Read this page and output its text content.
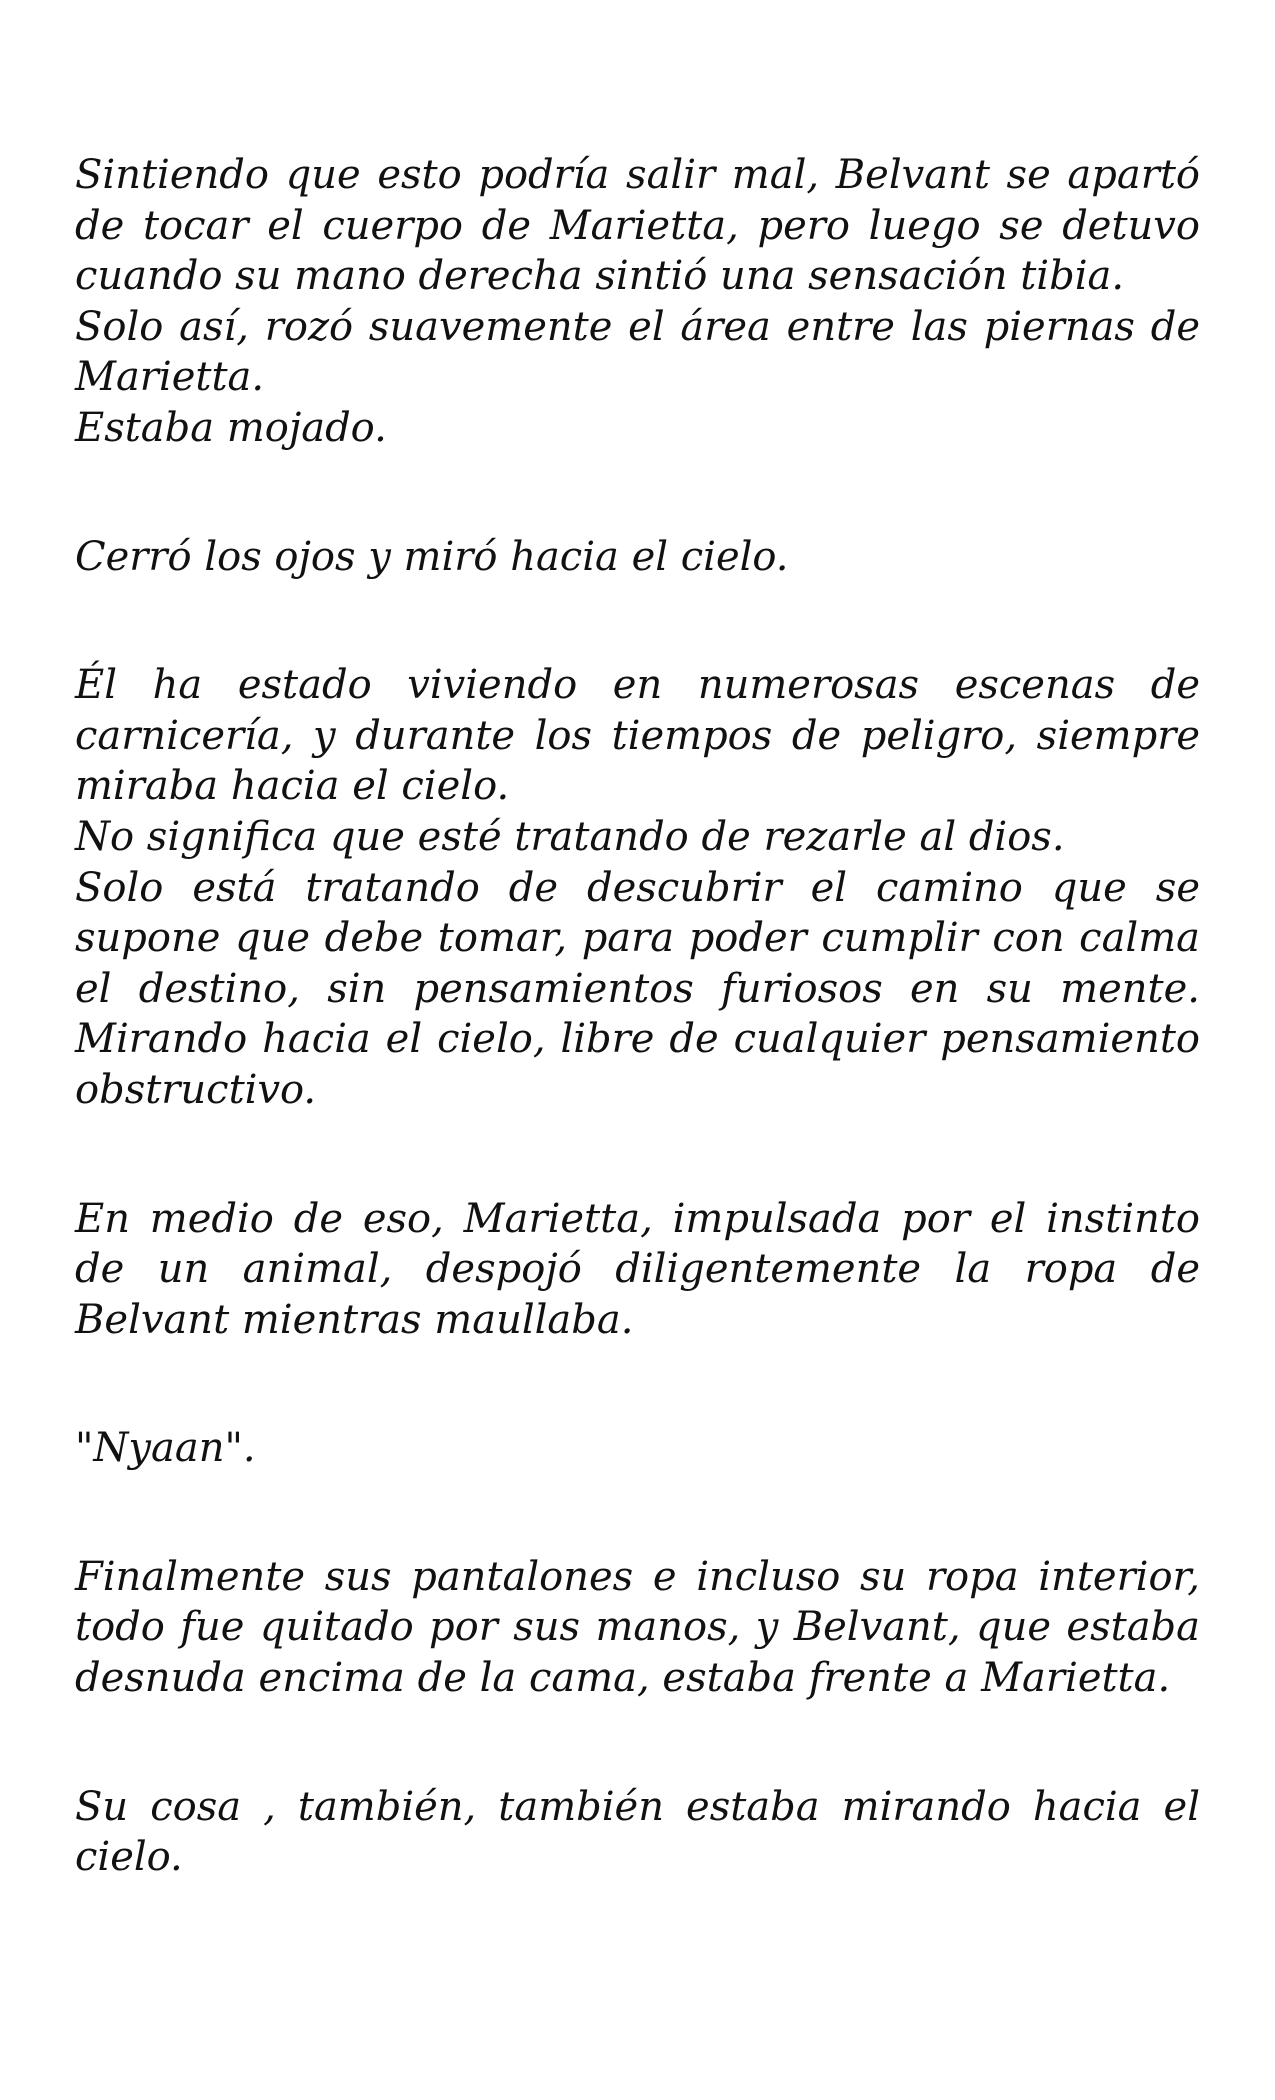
Sintiendo que esto podría salir mal, Belvant se apartó de tocar el cuerpo de Marietta, pero luego se detuvo cuando su mano derecha sintió una sensación tibia.
Solo así, rozó suavemente el área entre las piernas de Marietta.
Estaba mojado.
Cerró los ojos y miró hacia el cielo.
Él ha estado viviendo en numerosas escenas de carnicería, y durante los tiempos de peligro, siempre miraba hacia el cielo.
No significa que esté tratando de rezarle al dios.
Solo está tratando de descubrir el camino que se supone que debe tomar, para poder cumplir con calma el destino, sin pensamientos furiosos en su mente. Mirando hacia el cielo, libre de cualquier pensamiento obstructivo.
En medio de eso, Marietta, impulsada por el instinto de un animal, despojó diligentemente la ropa de Belvant mientras maullaba.
"Nyaan".
Finalmente sus pantalones e incluso su ropa interior, todo fue quitado por sus manos, y Belvant, que estaba desnuda encima de la cama, estaba frente a Marietta.
Su cosa , también, también estaba mirando hacia el cielo.
